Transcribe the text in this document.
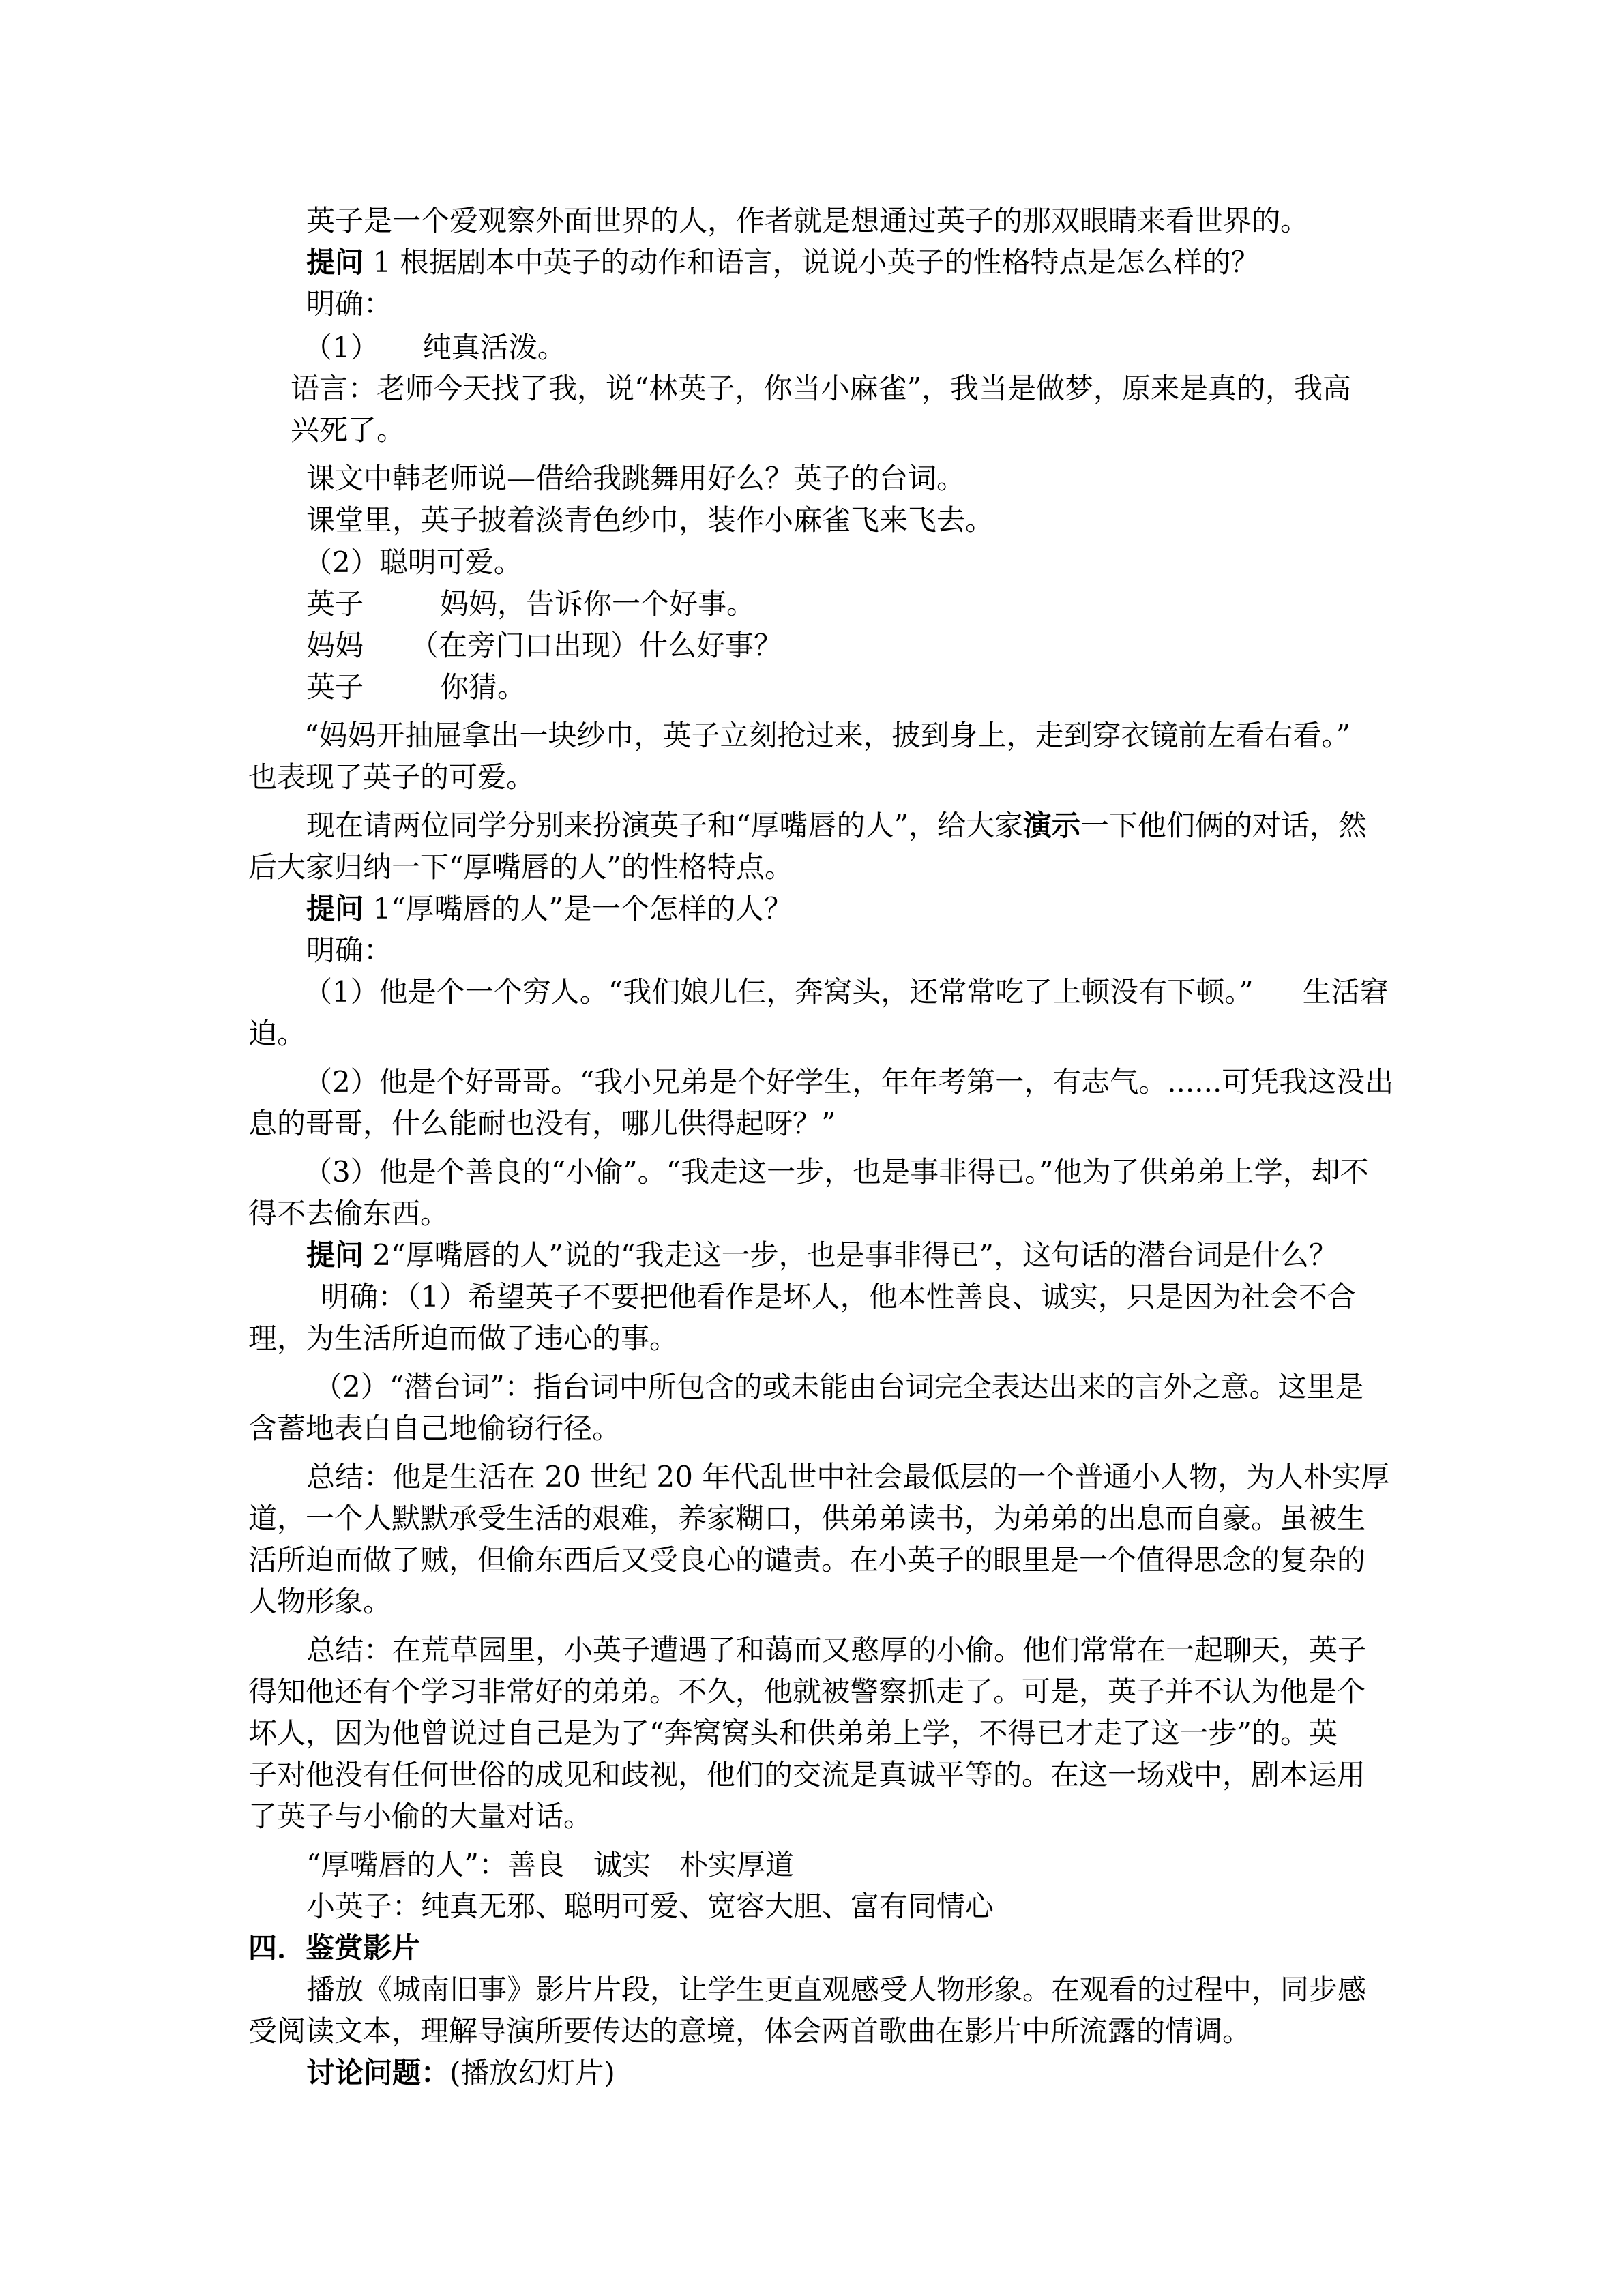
英子是一个爱观察外面世界的人，作者就是想通过英子的那双眼睛来看世界的。
提问 1 根据剧本中英子的动作和语言，说说小英子的性格特点是怎么样的？
明确：
（1） 纯真活泼。
语言：老师今天找了我，说“林英子，你当小麻雀”，我当是做梦，原来是真的，我高
兴死了。
课文中韩老师说—借给我跳舞用好么？英子的台词。
课堂里，英子披着淡青色纱巾，装作小麻雀飞来飞去。
（2）聪明可爱。
英子	妈妈，告诉你一个好事。
妈妈 （在旁门口出现）什么好事？
英子	你猜。
“妈妈开抽屉拿出一块纱巾，英子立刻抢过来，披到身上，走到穿衣镜前左看右看。”
也表现了英子的可爱。
现在请两位同学分别来扮演英子和“厚嘴唇的人”，给大家演示一下他们俩的对话，然
后大家归纳一下“厚嘴唇的人”的性格特点。
提问 1“厚嘴唇的人”是一个怎样的人？
明确：
（1）他是个一个穷人。“我们娘儿仨，奔窝头，还常常吃了上顿没有下顿。” 生活窘
迫。
（2）他是个好哥哥。“我小兄弟是个好学生，年年考第一，有志气。......可凭我这没出
息的哥哥，什么能耐也没有，哪儿供得起呀？”
（3）他是个善良的“小偷”。“我走这一步，也是事非得已。”他为了供弟弟上学，却不
得不去偷东西。
提问 2“厚嘴唇的人”说的“我走这一步，也是事非得已”，这句话的潜台词是什么？
明确：（1）希望英子不要把他看作是坏人，他本性善良、诚实，只是因为社会不合
理，为生活所迫而做了违心的事。
（2）“潜台词”：指台词中所包含的或未能由台词完全表达出来的言外之意。这里是
含蓄地表白自己地偷窃行径。
总结：他是生活在 20 世纪 20 年代乱世中社会最低层的一个普通小人物，为人朴实厚
道，一个人默默承受生活的艰难，养家糊口，供弟弟读书，为弟弟的出息而自豪。虽被生
活所迫而做了贼，但偷东西后又受良心的谴责。在小英子的眼里是一个值得思念的复杂的
人物形象。
总结：在荒草园里，小英子遭遇了和蔼而又憨厚的小偷。他们常常在一起聊天，英子
得知他还有个学习非常好的弟弟。不久，他就被警察抓走了。可是，英子并不认为他是个
坏人，因为他曾说过自己是为了“奔窝窝头和供弟弟上学，不得已才走了这一步”的。英
子对他没有任何世俗的成见和歧视，他们的交流是真诚平等的。在这一场戏中，剧本运用
了英子与小偷的大量对话。
“厚嘴唇的人”：善良　诚实　朴实厚道
小英子：纯真无邪、聪明可爱、宽容大胆、富有同情心
四．鉴赏影片
播放《城南旧事》影片片段，让学生更直观感受人物形象。在观看的过程中，同步感
受阅读文本，理解导演所要传达的意境，体会两首歌曲在影片中所流露的情调。
讨论问题：(播放幻灯片)
